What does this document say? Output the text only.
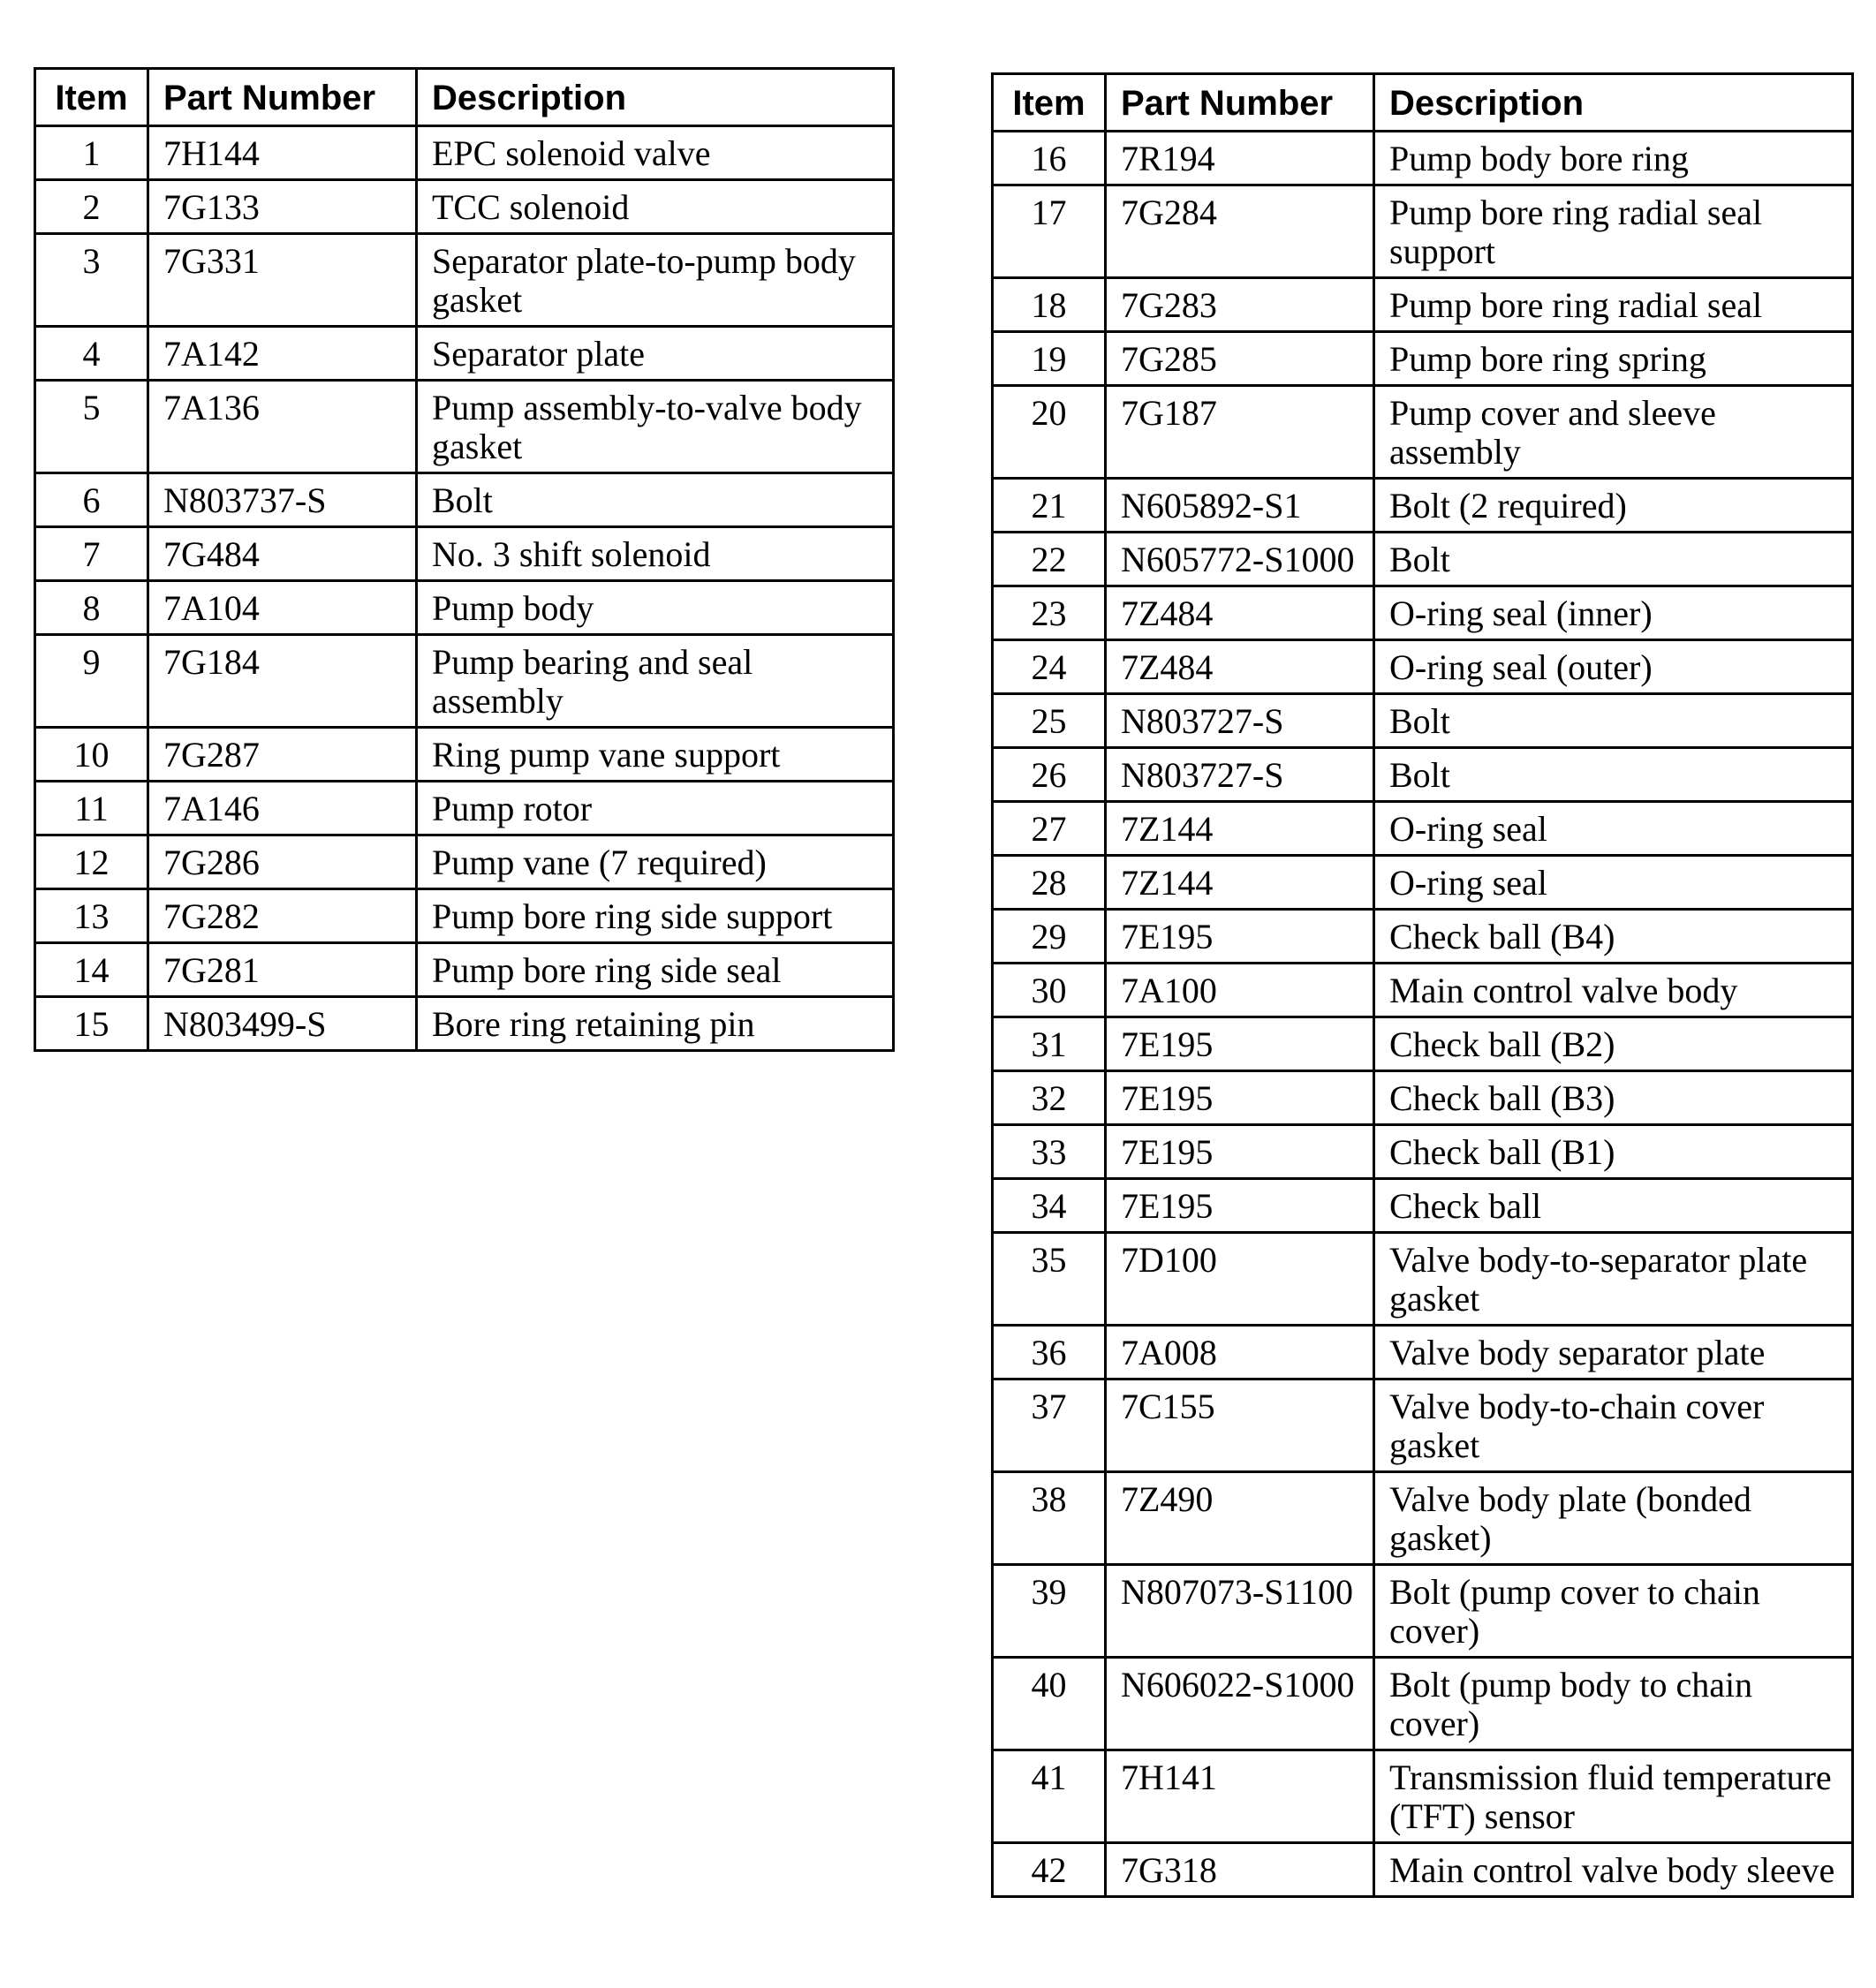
Item	Part Number	Description
1	7H144	EPC solenoid valve
2	7G133	TCC solenoid
3	7G331	Separator plate-to-pump body gasket
4	7A142	Separator plate
5	7A136	Pump assembly-to-valve body gasket
6	N803737-S	Bolt
7	7G484	No. 3 shift solenoid
8	7A104	Pump body
9	7G184	Pump bearing and seal assembly
10	7G287	Ring pump vane support
11	7A146	Pump rotor
12	7G286	Pump vane (7 required)
13	7G282	Pump bore ring side support
14	7G281	Pump bore ring side seal
15	N803499-S	Bore ring retaining pin
Item	Part Number	Description
16	7R194	Pump body bore ring
17	7G284	Pump bore ring radial seal support
18	7G283	Pump bore ring radial seal
19	7G285	Pump bore ring spring
20	7G187	Pump cover and sleeve assembly
21	N605892-S1	Bolt (2 required)
22	N605772-S1000	Bolt
23	7Z484	O-ring seal (inner)
24	7Z484	O-ring seal (outer)
25	N803727-S	Bolt
26	N803727-S	Bolt
27	7Z144	O-ring seal
28	7Z144	O-ring seal
29	7E195	Check ball (B4)
30	7A100	Main control valve body
31	7E195	Check ball (B2)
32	7E195	Check ball (B3)
33	7E195	Check ball (B1)
34	7E195	Check ball
35	7D100	Valve body-to-separator plate gasket
36	7A008	Valve body separator plate
37	7C155	Valve body-to-chain cover gasket
38	7Z490	Valve body plate (bonded gasket)
39	N807073-S1100	Bolt (pump cover to chain cover)
40	N606022-S1000	Bolt (pump body to chain cover)
41	7H141	Transmission fluid temperature (TFT) sensor
42	7G318	Main control valve body sleeve
